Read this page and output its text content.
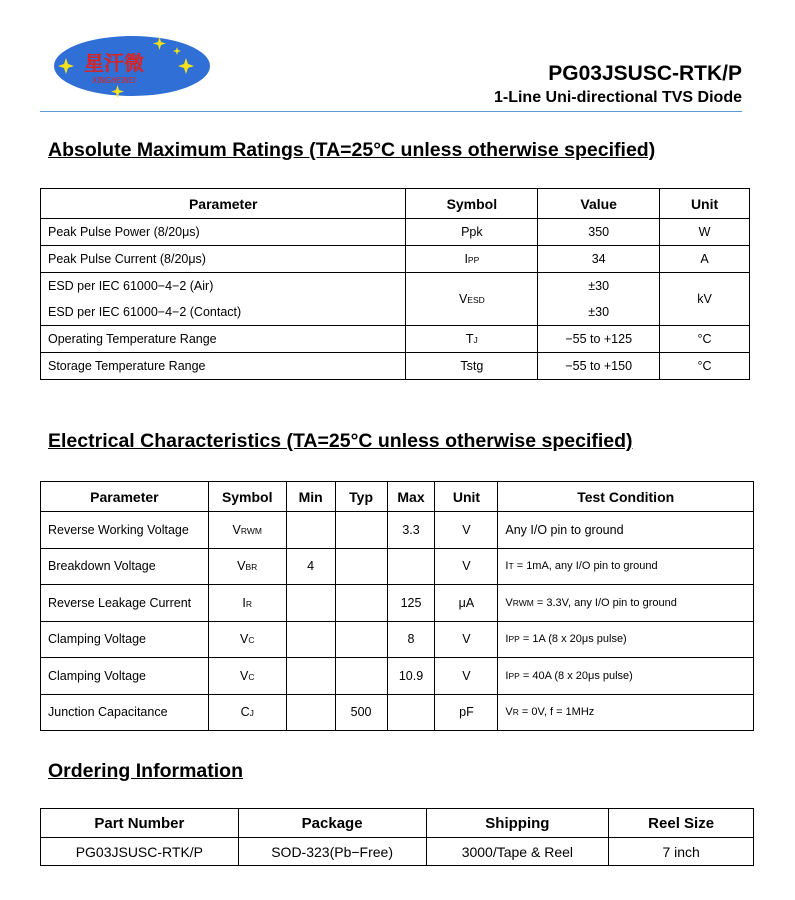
星汗微
XINGHEWEI	PG03JSUSC-RTK/P
1-Line Uni-directional TVS Diode
Absolute Maximum Ratings (TA=25°C unless otherwise specified)
Parameter	Symbol	Value	Unit
Peak Pulse Power (8/20μs)	Ppk	350	W
Peak Pulse Current (8/20μs)	IPP	34	A
ESD per IEC 61000−4−2 (Air)	VESD	±30	kV
ESD per IEC 61000−4−2 (Contact)		±30	
Operating Temperature Range	TJ	−55 to +125	°C
Storage Temperature Range	Tstg	−55 to +150	°C
Electrical Characteristics (TA=25°C unless otherwise specified)
Parameter	Symbol	Min	Typ	Max	Unit	Test Condition
Reverse Working Voltage	VRWM			3.3	V	Any I/O pin to ground
Breakdown Voltage	VBR	4			V	IT = 1mA, any I/O pin to ground
Reverse Leakage Current	IR			125	μA	VRWM = 3.3V, any I/O pin to ground
Clamping Voltage	VC			8	V	IPP = 1A (8 x 20μs pulse)
Clamping Voltage	VC			10.9	V	IPP = 40A (8 x 20μs pulse)
Junction Capacitance	CJ		500		pF	VR = 0V, f = 1MHz
Ordering Information
Part Number	Package	Shipping	Reel Size
PG03JSUSC-RTK/P	SOD-323(Pb−Free)	3000/Tape & Reel	7 inch
